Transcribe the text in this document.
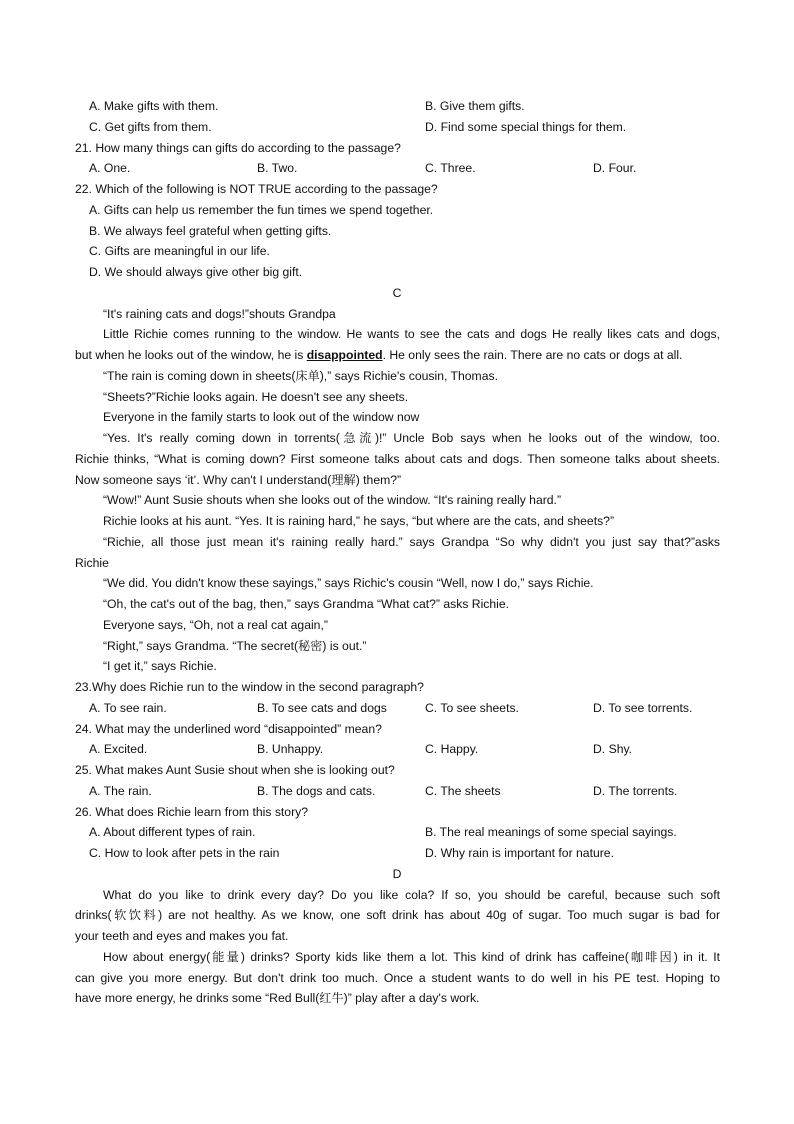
A. Make gifts with them.	B. Give them gifts.
C. Get gifts from them.	D. Find some special things for them.
21. How many things can gifts do according to the passage?
A. One.	B. Two.	C. Three.	D. Four.
22. Which of the following is NOT TRUE according to the passage?
A. Gifts can help us remember the fun times we spend together.
B. We always feel grateful when getting gifts.
C. Gifts are meaningful in our life.
D. We should always give other big gift.
C

“It's raining cats and dogs!”shouts Grandpa

Little Richie comes running to the window. He wants to see the cats and dogs He really likes cats and dogs,

but when he looks out of the window, he is disappointed. He only sees the rain. There are no cats or dogs at all.

“The rain is coming down in sheets(床单),” says Richie's cousin, Thomas.

“Sheets?”Richie looks again. He doesn't see any sheets.

Everyone in the family starts to look out of the window now

“Yes. It's really coming down in torrents(急流)!” Uncle Bob says when he looks out of the window, too.

Richie thinks, “What is coming down? First someone talks about cats and dogs. Then someone talks about sheets.

Now someone says ‘it’. Why can't I understand(理解) them?”

“Wow!” Aunt Susie shouts when she looks out of the window. “It's raining really hard.”

Richie looks at his aunt. “Yes. It is raining hard,” he says, “but where are the cats, and sheets?”

“Richie, all those just mean it's raining really hard.” says Grandpa “So why didn't you just say that?”asks

Richie

“We did. You didn't know these sayings,” says Richic's cousin “Well, now I do,” says Richie.

“Oh, the cat's out of the bag, then,” says Grandma “What cat?” asks Richie.

Everyone says, “Oh, not a real cat again,”

“Right,” says Grandma. “The secret(秘密) is out.”

“I get it,” says Richie.

23.Why does Richie run to the window in the second paragraph?
A. To see rain.	B. To see cats and dogs	C. To see sheets.	D. To see torrents.
24. What may the underlined word “disappointed” mean?
A. Excited.	B. Unhappy.	C. Happy.	D. Shy.
25. What makes Aunt Susie shout when she is looking out?
A. The rain.	B. The dogs and cats.	C. The sheets	D. The torrents.
26. What does Richie learn from this story?
A. About different types of rain.	B. The real meanings of some special sayings.
C. How to look after pets in the rain	D. Why rain is important for nature.
D

What do you like to drink every day? Do you like cola? If so, you should be careful, because such soft

drinks(软饮料) are not healthy. As we know, one soft drink has about 40g of sugar. Too much sugar is bad for

your teeth and eyes and makes you fat.

How about energy(能量) drinks? Sporty kids like them a lot. This kind of drink has caffeine(咖啡因) in it. It

can give you more energy. But don't drink too much. Once a student wants to do well in his PE test. Hoping to

have more energy, he drinks some “Red Bull(红牛)” play after a day's work.
